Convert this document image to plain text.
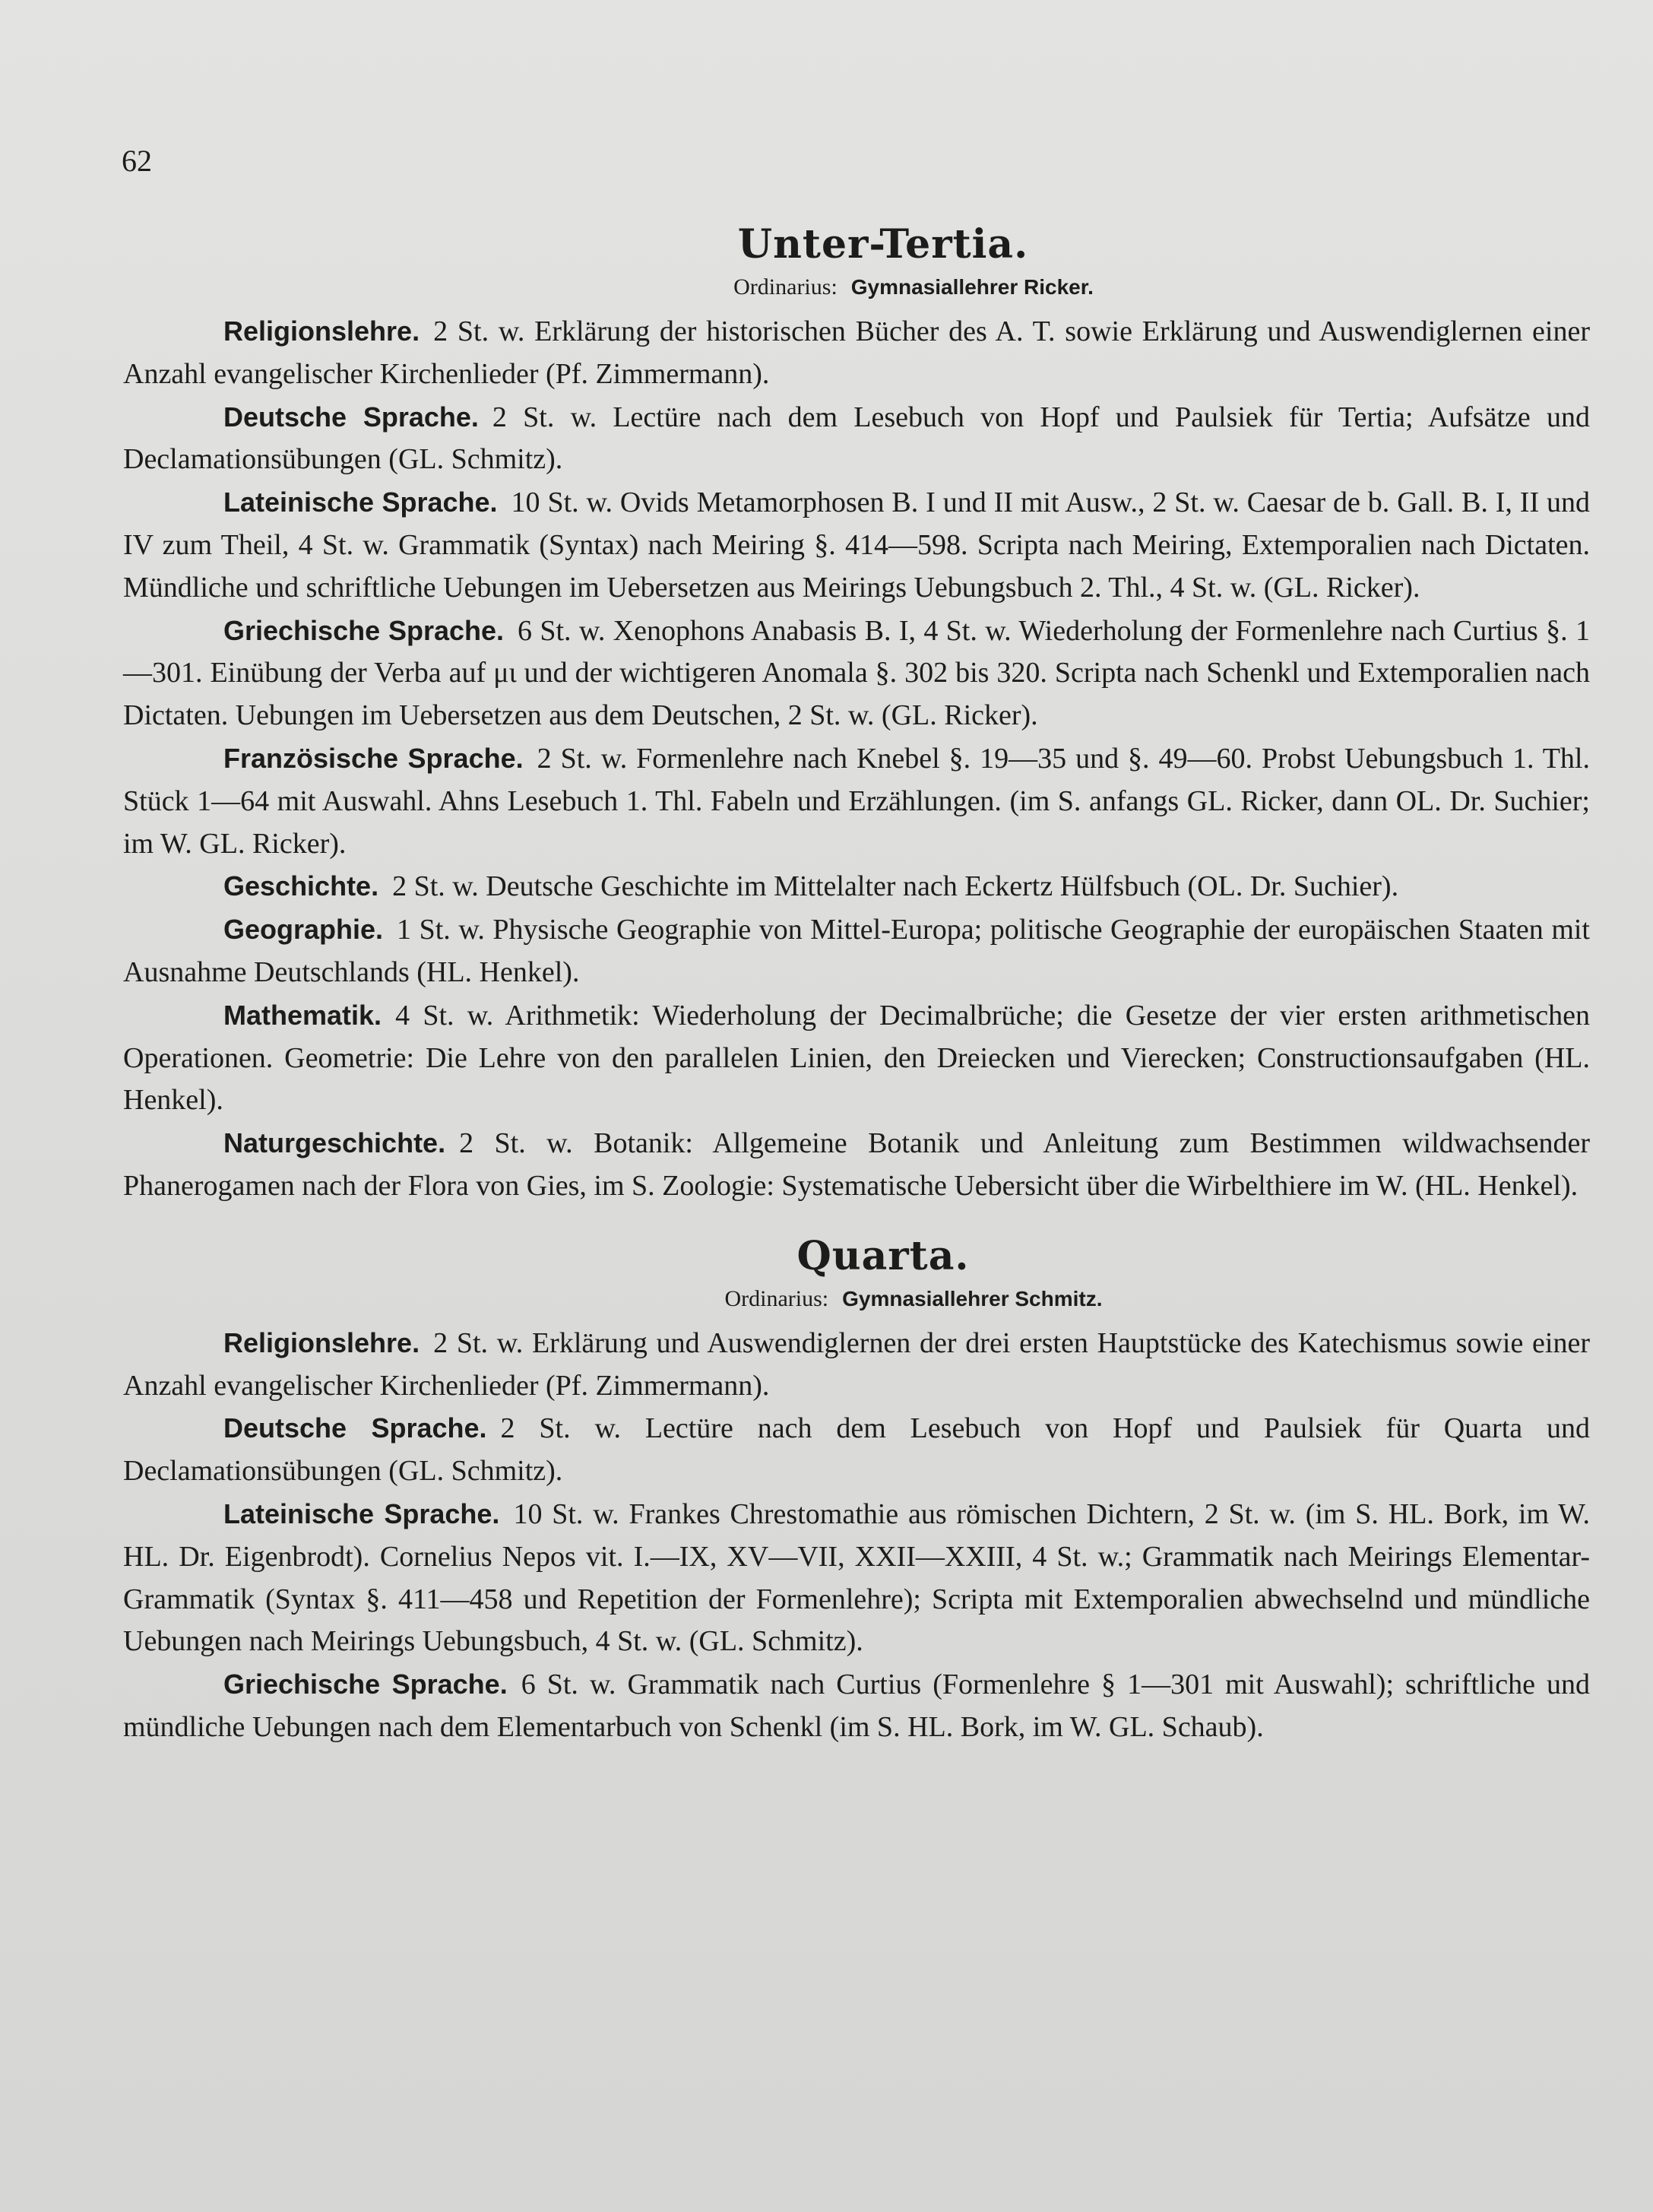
62
Unter-Tertia.
Ordinarius: Gymnasiallehrer Ricker.

Religionslehre. 2 St. w. Erklärung der historischen Bücher des A. T. sowie Erklärung und Auswendiglernen einer Anzahl evangelischer Kirchenlieder (Pf. Zimmermann).

Deutsche Sprache. 2 St. w. Lectüre nach dem Lesebuch von Hopf und Paulsiek für Tertia; Aufsätze und Declamationsübungen (GL. Schmitz).

Lateinische Sprache. 10 St. w. Ovids Metamorphosen B. I und II mit Ausw., 2 St. w. Caesar de b. Gall. B. I, II und IV zum Theil, 4 St. w. Grammatik (Syntax) nach Meiring §. 414—598. Scripta nach Meiring, Extemporalien nach Dictaten. Mündliche und schriftliche Uebungen im Uebersetzen aus Meirings Uebungsbuch 2. Thl., 4 St. w. (GL. Ricker).

Griechische Sprache. 6 St. w. Xenophons Anabasis B. I, 4 St. w. Wiederholung der Formenlehre nach Curtius §. 1—301. Einübung der Verba auf μι und der wichtigeren Anomala §. 302 bis 320. Scripta nach Schenkl und Extemporalien nach Dictaten. Uebungen im Uebersetzen aus dem Deutschen, 2 St. w. (GL. Ricker).

Französische Sprache. 2 St. w. Formenlehre nach Knebel §. 19—35 und §. 49—60. Probst Uebungsbuch 1. Thl. Stück 1—64 mit Auswahl. Ahns Lesebuch 1. Thl. Fabeln und Erzählungen. (im S. anfangs GL. Ricker, dann OL. Dr. Suchier; im W. GL. Ricker).

Geschichte. 2 St. w. Deutsche Geschichte im Mittelalter nach Eckertz Hülfsbuch (OL. Dr. Suchier).

Geographie. 1 St. w. Physische Geographie von Mittel-Europa; politische Geographie der europäischen Staaten mit Ausnahme Deutschlands (HL. Henkel).

Mathematik. 4 St. w. Arithmetik: Wiederholung der Decimalbrüche; die Gesetze der vier ersten arithmetischen Operationen. Geometrie: Die Lehre von den parallelen Linien, den Dreiecken und Vierecken; Constructionsaufgaben (HL. Henkel).

Naturgeschichte. 2 St. w. Botanik: Allgemeine Botanik und Anleitung zum Bestimmen wildwachsender Phanerogamen nach der Flora von Gies, im S. Zoologie: Systematische Uebersicht über die Wirbelthiere im W. (HL. Henkel).

Quarta.
Ordinarius: Gymnasiallehrer Schmitz.

Religionslehre. 2 St. w. Erklärung und Auswendiglernen der drei ersten Hauptstücke des Katechismus sowie einer Anzahl evangelischer Kirchenlieder (Pf. Zimmermann).

Deutsche Sprache. 2 St. w. Lectüre nach dem Lesebuch von Hopf und Paulsiek für Quarta und Declamationsübungen (GL. Schmitz).

Lateinische Sprache. 10 St. w. Frankes Chrestomathie aus römischen Dichtern, 2 St. w. (im S. HL. Bork, im W. HL. Dr. Eigenbrodt). Cornelius Nepos vit. I.—IX, XV—VII, XXII—XXIII, 4 St. w.; Grammatik nach Meirings Elementar-Grammatik (Syntax §. 411—458 und Repetition der Formenlehre); Scripta mit Extemporalien abwechselnd und mündliche Uebungen nach Meirings Uebungsbuch, 4 St. w. (GL. Schmitz).

Griechische Sprache. 6 St. w. Grammatik nach Curtius (Formenlehre § 1—301 mit Auswahl); schriftliche und mündliche Uebungen nach dem Elementarbuch von Schenkl (im S. HL. Bork, im W. GL. Schaub).
